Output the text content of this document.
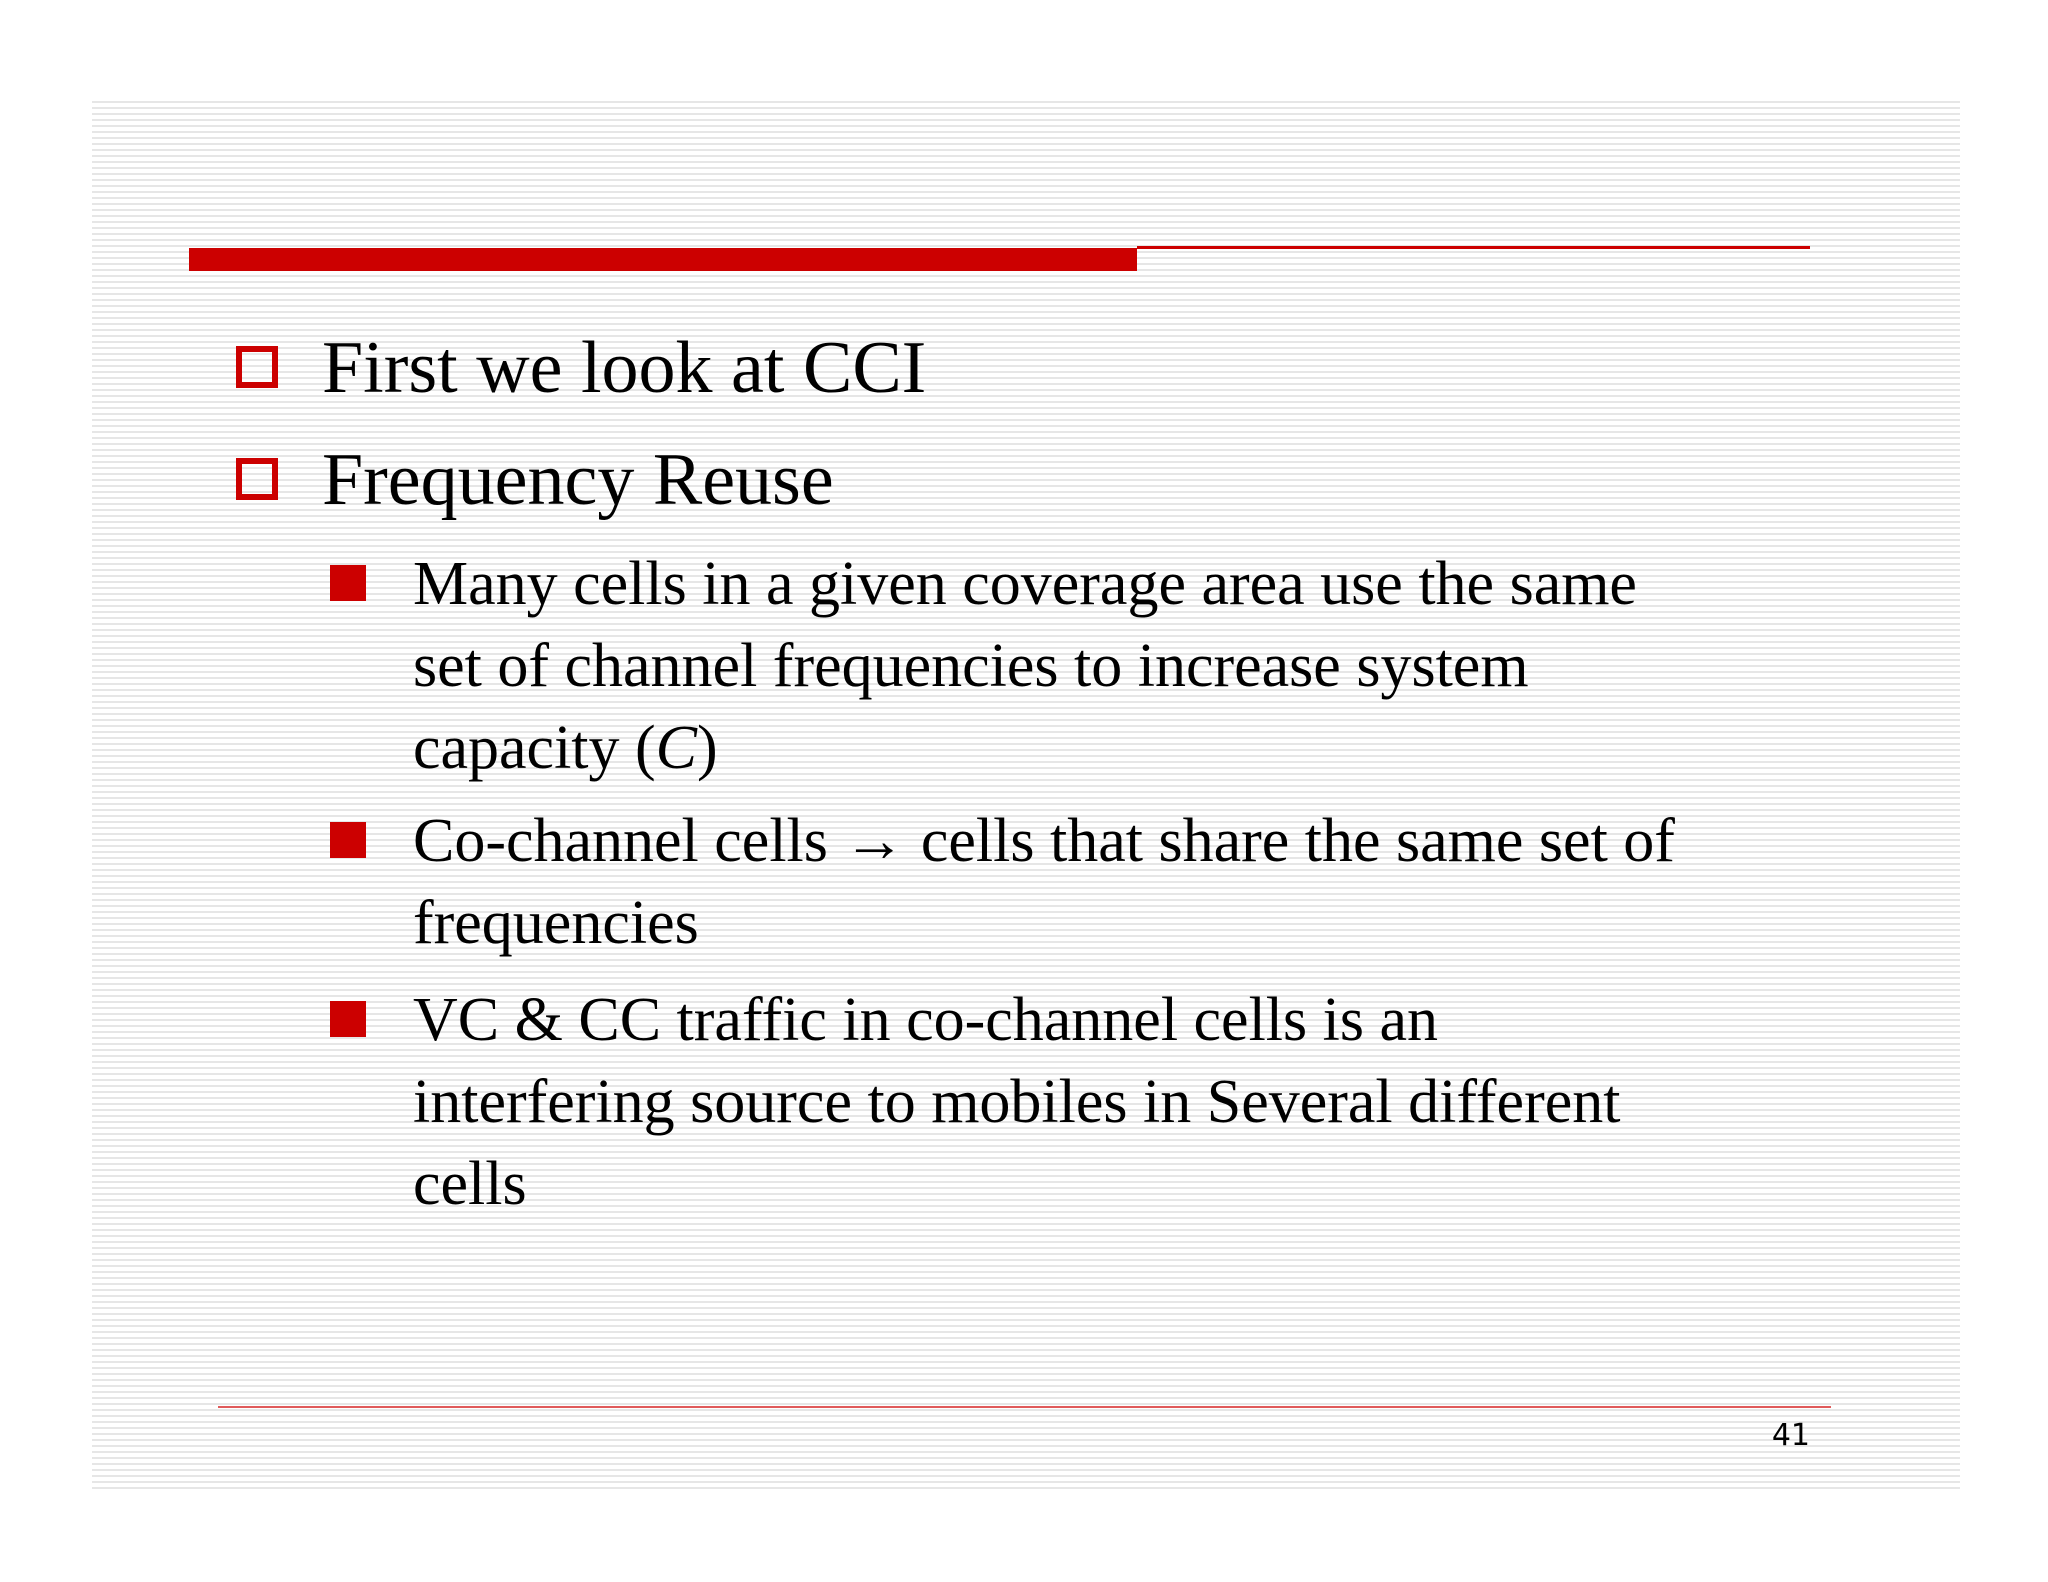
First we look at CCI
Frequency Reuse
Many cells in a given coverage area use the same
set of channel frequencies to increase system
capacity (C)
Co-channel cells → cells that share the same set of
frequencies
VC & CC traffic in co-channel cells is an
interfering source to mobiles in Several different
cells
41
